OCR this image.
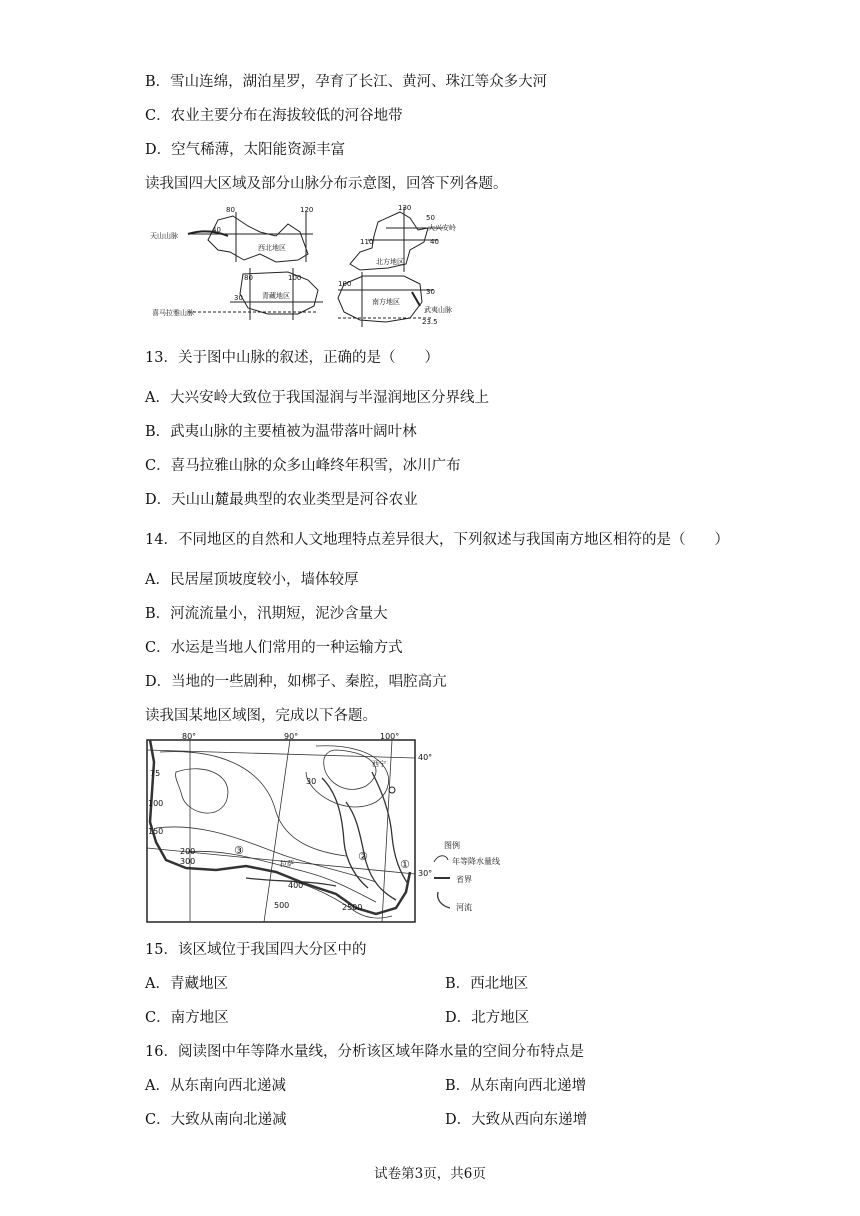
B．雪山连绵，湖泊星罗，孕育了长江、黄河、珠江等众多大河
C．农业主要分布在海拔较低的河谷地带
D．空气稀薄，太阳能资源丰富
读我国四大区域及部分山脉分布示意图，回答下列各题。
天山山脉
80	120
40
西北地区
130
50
大兴安岭
110	40
北方地区
80	100
30	青藏地区
喜马拉雅山脉
100
30
南方地区
武夷山脉
23.5
13．关于图中山脉的叙述，正确的是（　　）
A．大兴安岭大致位于我国湿润与半湿润地区分界线上
B．武夷山脉的主要植被为温带落叶阔叶林
C．喜马拉雅山脉的众多山峰终年积雪，冰川广布
D．天山山麓最典型的农业类型是河谷农业
14．不同地区的自然和人文地理特点差异很大，下列叙述与我国南方地区相符的是（　　）
A．民居屋顶坡度较小，墙体较厚
B．河流流量小，汛期短，泥沙含量大
C．水运是当地人们常用的一种运输方式
D．当地的一些剧种，如梆子、秦腔，唱腔高亢
读我国某地区域图，完成以下各题。
80°	90°	100°
40°
30°
30
75
100
150
200
300
400
500	2500
①
②
③
西宁
拉萨
图例
年等降水量线
省界
河流
15．该区域位于我国四大分区中的
A．青藏地区	B．西北地区
C．南方地区	D．北方地区
16．阅读图中年等降水量线，分析该区域年降水量的空间分布特点是
A．从东南向西北递减	B．从东南向西北递增
C．大致从南向北递减	D．大致从西向东递增
试卷第3页，共6页
